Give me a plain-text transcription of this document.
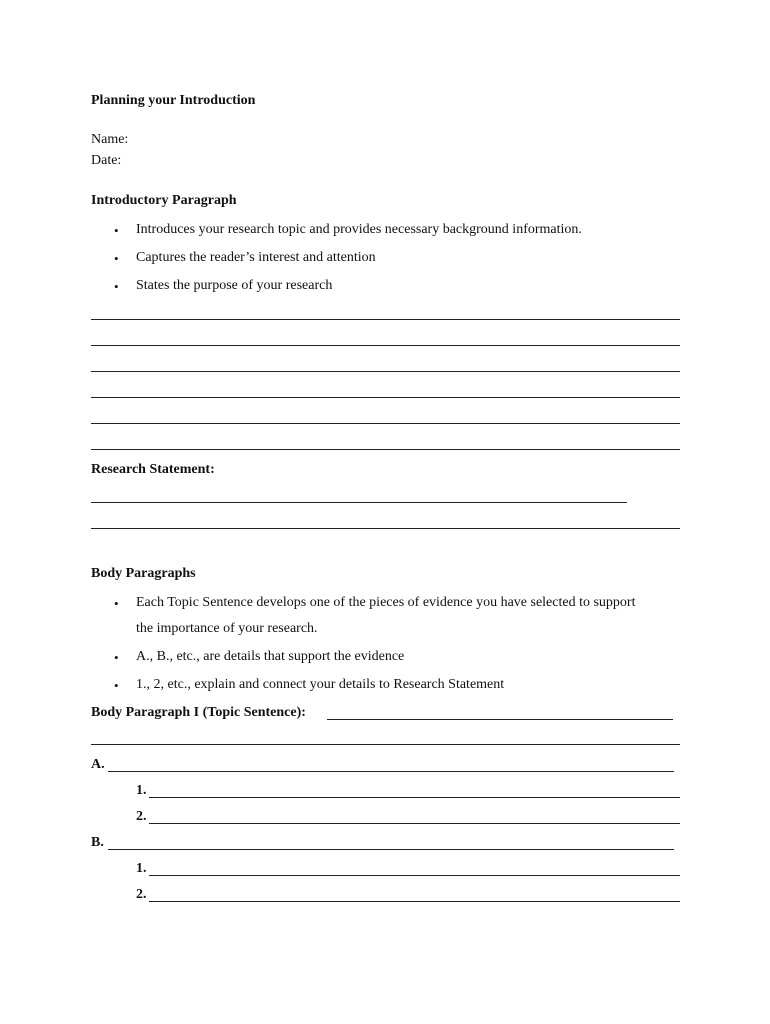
Planning your Introduction
Name:
Date:
Introductory Paragraph
• Introduces your research topic and provides necessary background information.
• Captures the reader’s interest and attention
• States the purpose of your research
Research Statement:
Body Paragraphs
• Each Topic Sentence develops one of the pieces of evidence you have selected to support
the importance of your research.
• A., B., etc., are details that support the evidence
• 1., 2, etc., explain and connect your details to Research Statement
Body Paragraph I (Topic Sentence):
A.
1.
2.
B.
1.
2.
